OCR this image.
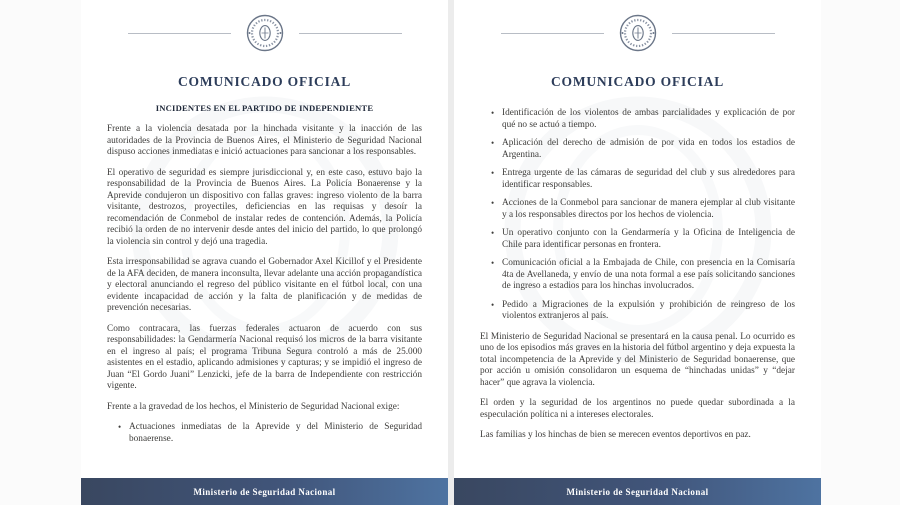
COMUNICADO OFICIAL
INCIDENTES EN EL PARTIDO DE INDEPENDIENTE

Frente a la violencia desatada por la hinchada visitante y la inacción de las autoridades de la Provincia de Buenos Aires, el Ministerio de Seguridad Nacional dispuso acciones inmediatas e inició actuaciones para sancionar a los responsables.

El operativo de seguridad es siempre jurisdiccional y, en este caso, estuvo bajo la responsabilidad de la Provincia de Buenos Aires. La Policía Bonaerense y la Aprevide condujeron un dispositivo con fallas graves: ingreso violento de la barra visitante, destrozos, proyectiles, deficiencias en las requisas y desoír la recomendación de Conmebol de instalar redes de contención. Además, la Policía recibió la orden de no intervenir desde antes del inicio del partido, lo que prolongó la violencia sin control y dejó una tragedia.

Esta irresponsabilidad se agrava cuando el Gobernador Axel Kicillof y el Presidente de la AFA deciden, de manera inconsulta, llevar adelante una acción propagandística y electoral anunciando el regreso del público visitante en el fútbol local, con una evidente incapacidad de acción y la falta de planificación y de medidas de prevención necesarias.

Como contracara, las fuerzas federales actuaron de acuerdo con sus responsabilidades: la Gendarmería Nacional requisó los micros de la barra visitante en el ingreso al país; el programa Tribuna Segura controló a más de 25.000 asistentes en el estadio, aplicando admisiones y capturas; y se impidió el ingreso de Juan “El Gordo Juani” Lenzicki, jefe de la barra de Independiente con restricción vigente.

Frente a la gravedad de los hechos, el Ministerio de Seguridad Nacional exige:

• Actuaciones inmediatas de la Aprevide y del Ministerio de Seguridad bonaerense.
Ministerio de Seguridad Nacional
COMUNICADO OFICIAL
• Identificación de los violentos de ambas parcialidades y explicación de por qué no se actuó a tiempo.
• Aplicación del derecho de admisión de por vida en todos los estadios de Argentina.
• Entrega urgente de las cámaras de seguridad del club y sus alrededores para identificar responsables.
• Acciones de la Conmebol para sancionar de manera ejemplar al club visitante y a los responsables directos por los hechos de violencia.
• Un operativo conjunto con la Gendarmería y la Oficina de Inteligencia de Chile para identificar personas en frontera.
• Comunicación oficial a la Embajada de Chile, con presencia en la Comisaría 4ta de Avellaneda, y envío de una nota formal a ese país solicitando sanciones de ingreso a estadios para los hinchas involucrados.
• Pedido a Migraciones de la expulsión y prohibición de reingreso de los violentos extranjeros al país.

El Ministerio de Seguridad Nacional se presentará en la causa penal. Lo ocurrido es uno de los episodios más graves en la historia del fútbol argentino y deja expuesta la total incompetencia de la Aprevide y del Ministerio de Seguridad bonaerense, que por acción u omisión consolidaron un esquema de “hinchadas unidas” y “dejar hacer” que agrava la violencia.

El orden y la seguridad de los argentinos no puede quedar subordinada a la especulación política ni a intereses electorales.

Las familias y los hinchas de bien se merecen eventos deportivos en paz.

Ministerio de Seguridad Nacional
